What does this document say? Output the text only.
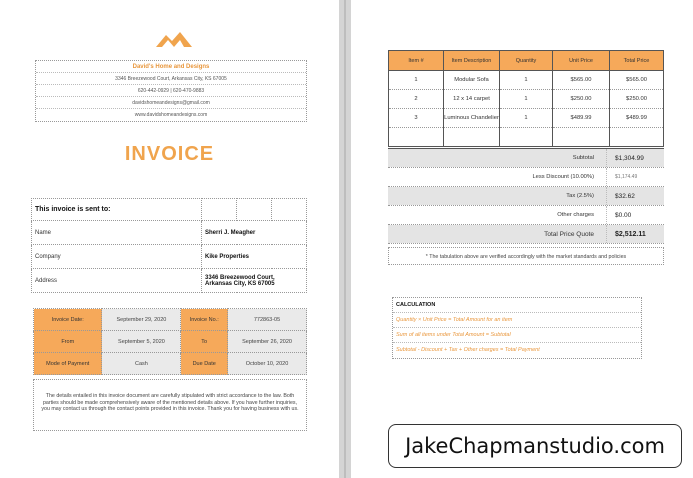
David's Home and Designs
3346 Breezewood Court, Arkansas City, KS 67005
620-442-0929 | 620-470-9883
davidshomeandesigns@gmail.com
www.davidshomeandesigns.com
INVOICE
This invoice is sent to:			
Name	Sherri J. Meagher		
Company	Kike Properties		
Address	3346 Breezewood Court, Arkansas City, KS 67005		
Invoice Date:	September 29, 2020	Invoice No.:	772863-05
From	September 5, 2020	To	September 26, 2020
Mode of Payment	Cash	Due Date	October 10, 2020
The details entailed in this invoice document are carefully stipulated with strict accordance to the law. Both parties should be made comprehensively aware of the mentioned details above. If you have further inquiries, you may contact us through the contact points provided in this invoice. Thank you for having business with us.
Item #	Item Description	Quantity	Unit Price	Total Price
1	Modular Sofa	1	$565.00	$565.00
2	12 x 14 carpet	1	$250.00	$250.00
3	Luminous Chandelier	1	$489.99	$489.99

Subtotal	$1,304.99
Less Discount (10.00%)	$1,174.49
Tax (2.5%)	$32.62
Other charges	$0.00
Total Price Quote	$2,512.11
* The tabulation above are verified accordingly with the market standards and policies
CALCULATION
Quantity × Unit Price = Total Amount for an item
Sum of all items under Total Amount = Subtotal
Subtotal - Discount + Tax + Other charges = Total Payment
JakeChapmanstudio.com
